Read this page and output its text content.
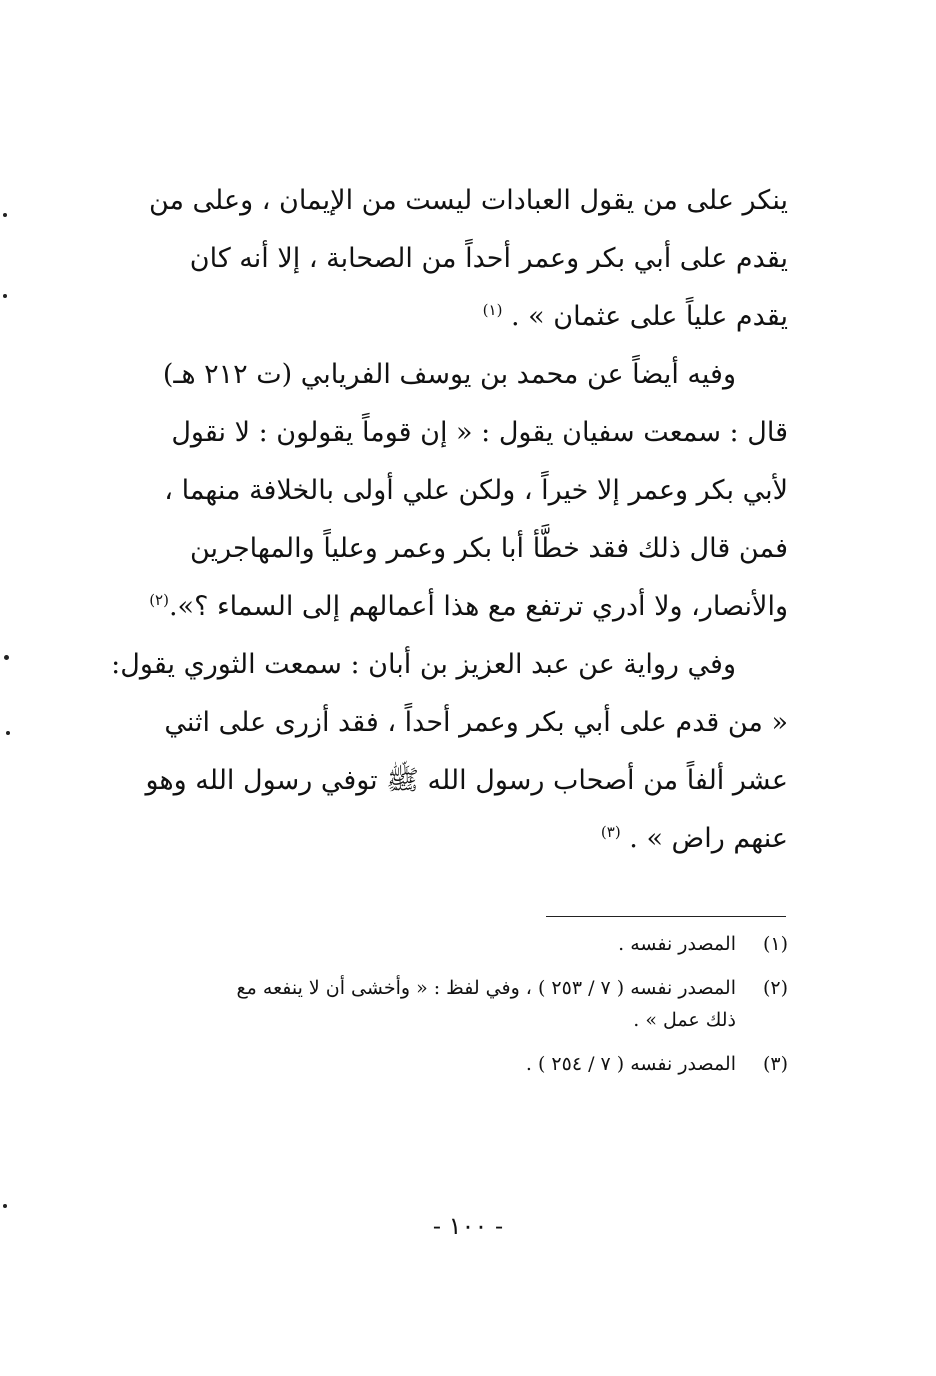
ينكر على من يقول العبادات ليست من الإيمان ، وعلى من
يقدم على أبي بكر وعمر أحداً من الصحابة ، إلا أنه كان
يقدم علياً على عثمان » . $^{(١)}$
وفيه أيضاً عن محمد بن يوسف الفريابي (ت ٢١٢ هـ)
قال : سمعت سفيان يقول : « إن قوماً يقولون : لا نقول
لأبي بكر وعمر إلا خيراً ، ولكن علي أولى بالخلافة منهما ،
فمن قال ذلك فقد خطَّأ أبا بكر وعمر وعلياً والمهاجرين
والأنصار، ولا أدري ترتفع مع هذا أعمالهم إلى السماء ؟».$^{(٢)}$
وفي رواية عن عبد العزيز بن أبان : سمعت الثوري يقول:
« من قدم على أبي بكر وعمر أحداً ، فقد أزرى على اثني
عشر ألفاً من أصحاب رسول الله ﷺ توفي رسول الله وهو
عنهم راض » . $^{(٣)}$
(١)
المصدر نفسه .
(٢)
المصدر نفسه ( ٧ / ٢٥٣ ) ، وفي لفظ : « وأخشى أن لا ينفعه مع
ذلك عمل » .
(٣)
المصدر نفسه ( ٧ / ٢٥٤ ) .
- ١٠٠ -
